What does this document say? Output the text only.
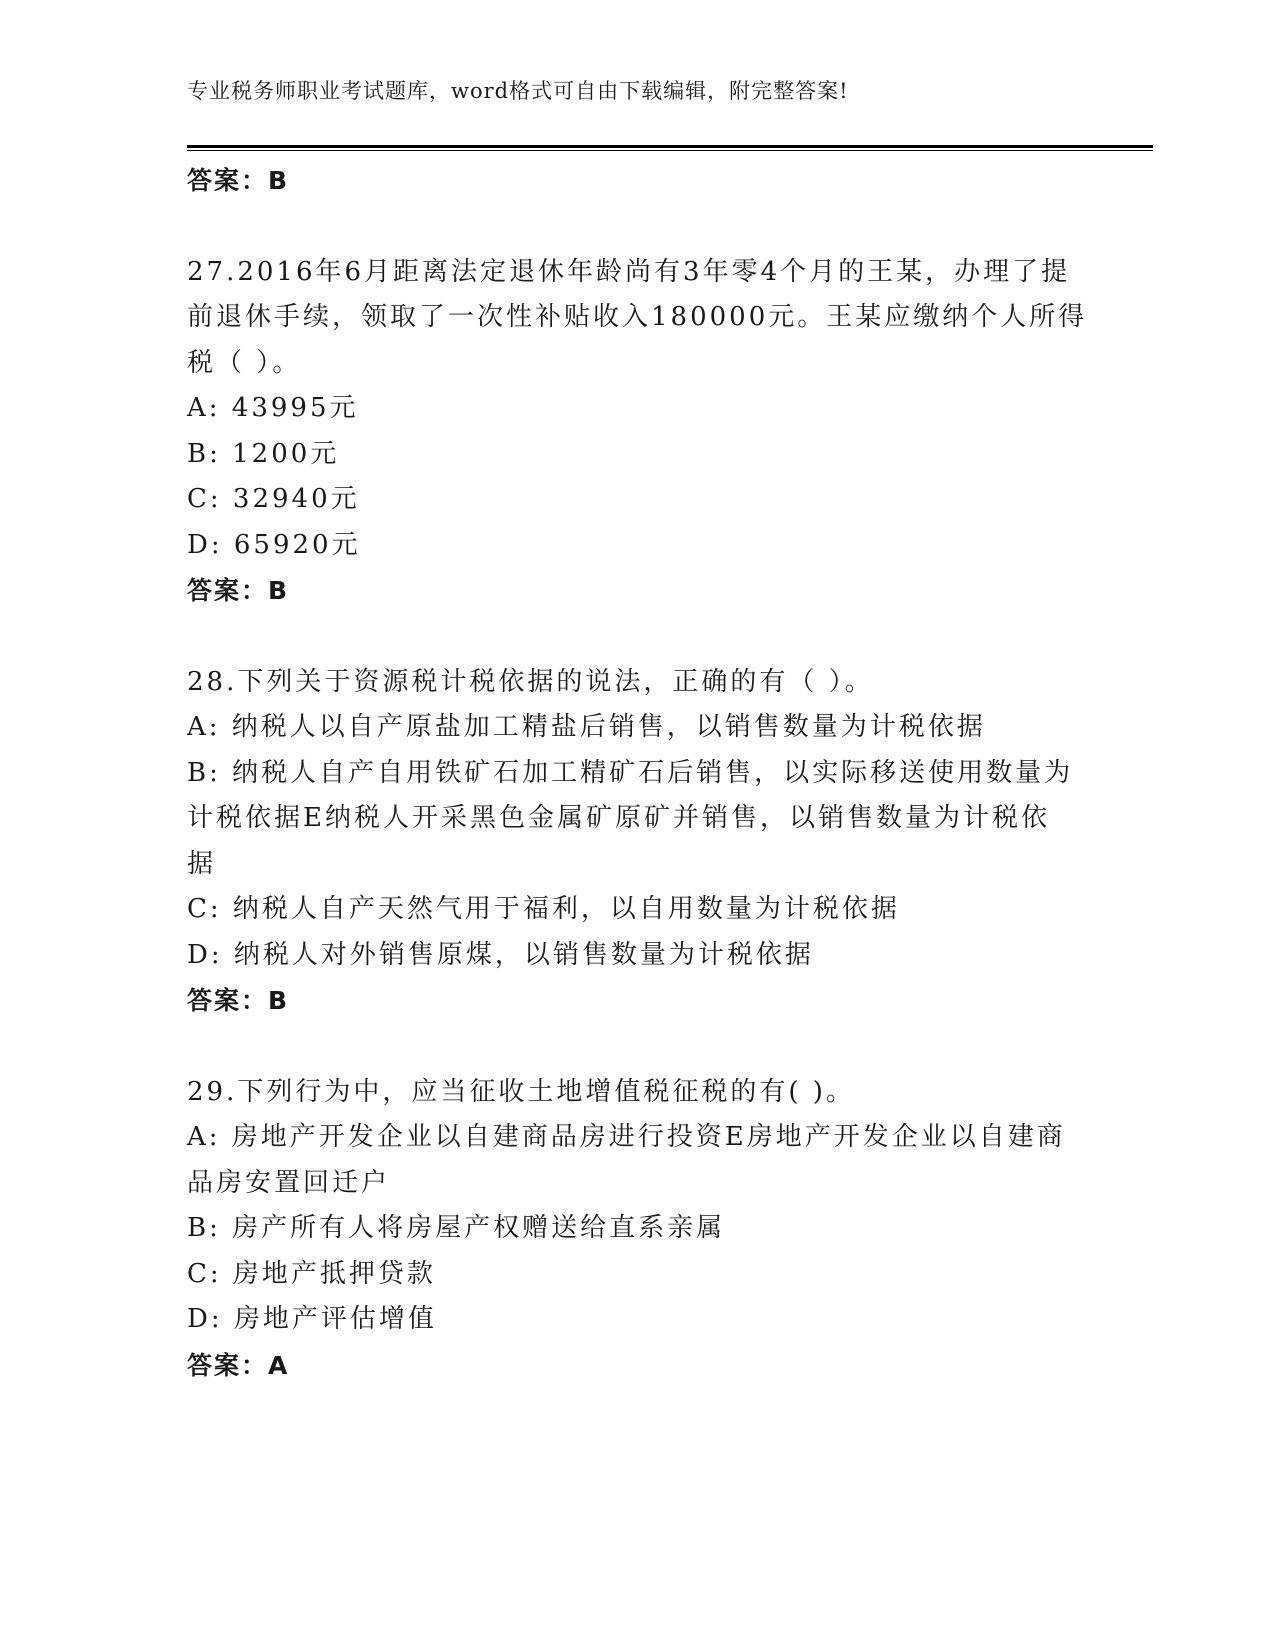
专业税务师职业考试题库，word格式可自由下载编辑，附完整答案!

答案：B

27.2016年6月距离法定退休年龄尚有3年零4个月的王某，办理了提

前退休手续，领取了一次性补贴收入180000元。王某应缴纳个人所得

税（ ）。

A: 43995元

B: 1200元

C: 32940元

D: 65920元

答案：B

28.下列关于资源税计税依据的说法，正确的有（ ）。

A: 纳税人以自产原盐加工精盐后销售，以销售数量为计税依据

B: 纳税人自产自用铁矿石加工精矿石后销售，以实际移送使用数量为

计税依据E纳税人开采黑色金属矿原矿并销售，以销售数量为计税依

据

C: 纳税人自产天然气用于福利，以自用数量为计税依据

D: 纳税人对外销售原煤，以销售数量为计税依据

答案：B

29.下列行为中，应当征收土地增值税征税的有( )。

A: 房地产开发企业以自建商品房进行投资E房地产开发企业以自建商

品房安置回迁户

B: 房产所有人将房屋产权赠送给直系亲属

C: 房地产抵押贷款

D: 房地产评估增值

答案：A
